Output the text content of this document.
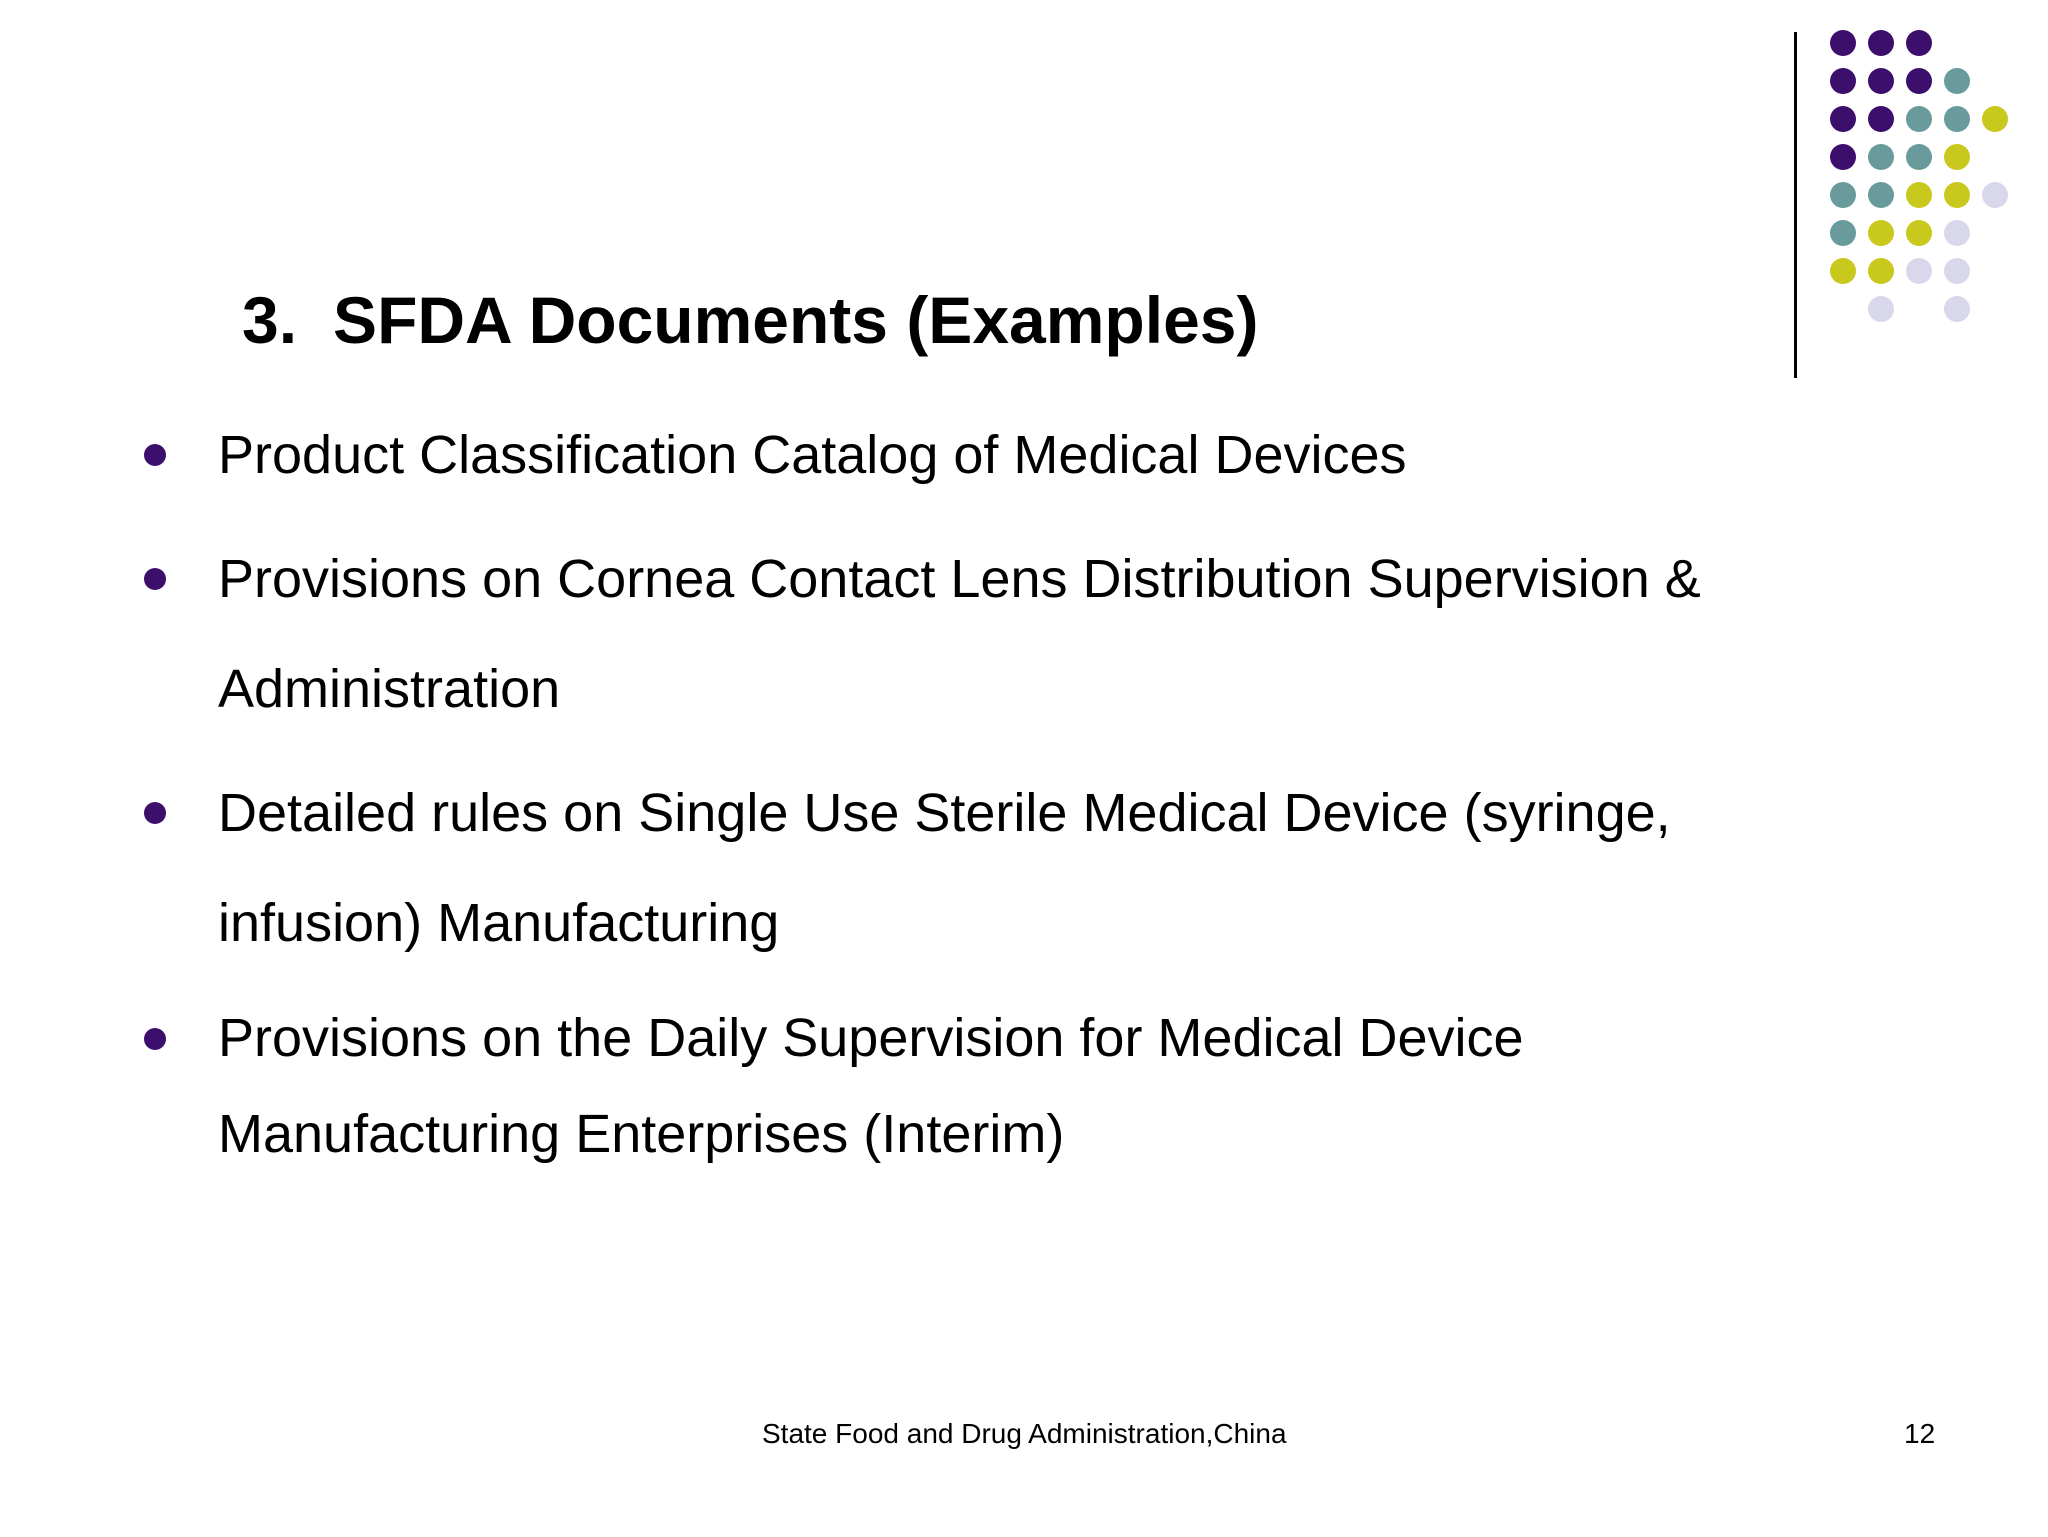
3. SFDA Documents (Examples)
Product Classification Catalog of Medical Devices
Provisions on Cornea Contact Lens Distribution Supervision & Administration
Detailed rules on Single Use Sterile Medical Device (syringe, infusion) Manufacturing
Provisions on the Daily Supervision for Medical Device Manufacturing Enterprises (Interim)
State Food and Drug Administration,China	12
